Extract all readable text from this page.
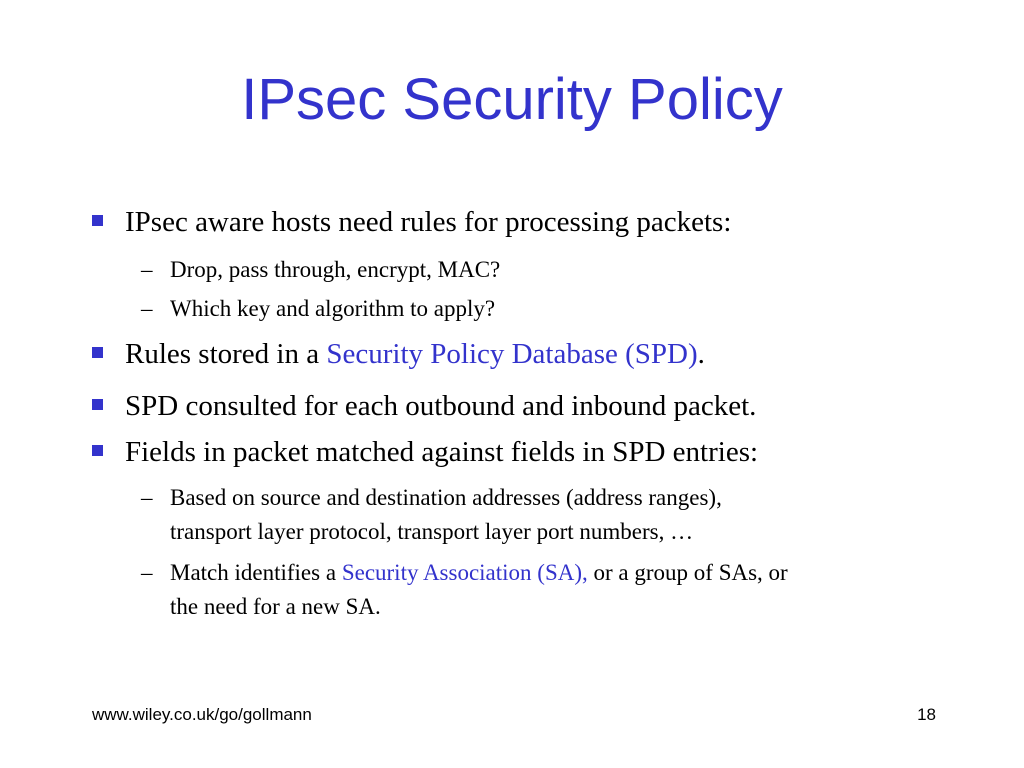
IPsec Security Policy
IPsec aware hosts need rules for processing packets:
– Drop, pass through, encrypt, MAC?
– Which key and algorithm to apply?
Rules stored in a Security Policy Database (SPD).
SPD consulted for each outbound and inbound packet.
Fields in packet matched against fields in SPD entries:
– Based on source and destination addresses (address ranges),
transport layer protocol, transport layer port numbers, …
– Match identifies a Security Association (SA), or a group of SAs, or
the need for a new SA.
www.wiley.co.uk/go/gollmann	18
